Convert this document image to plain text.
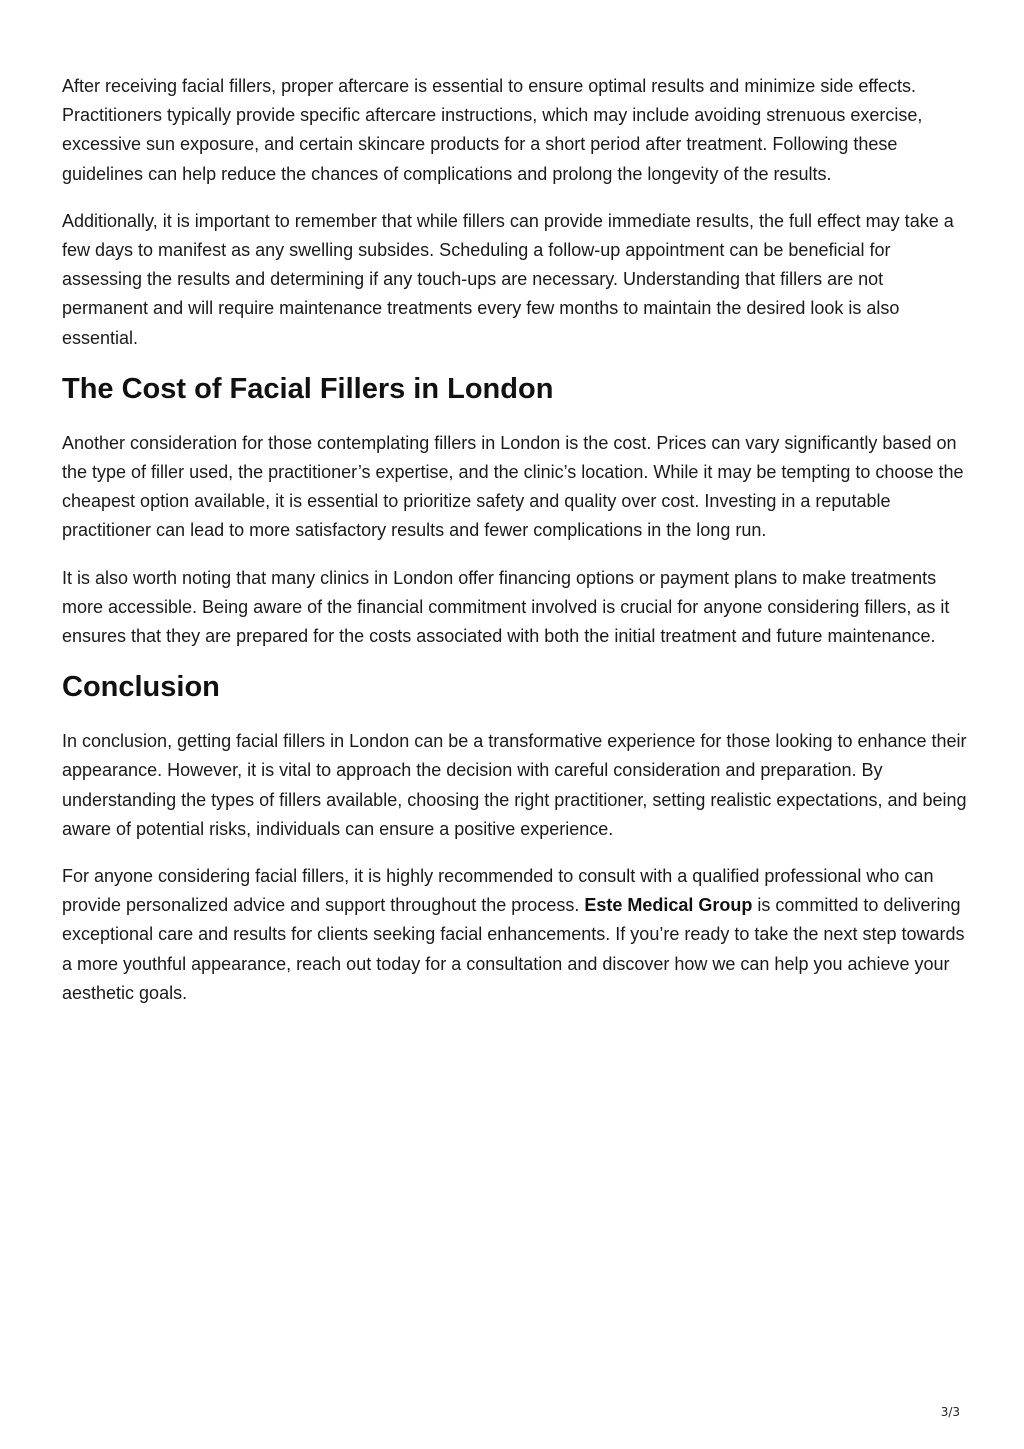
After receiving facial fillers, proper aftercare is essential to ensure optimal results and minimize side effects. Practitioners typically provide specific aftercare instructions, which may include avoiding strenuous exercise, excessive sun exposure, and certain skincare products for a short period after treatment. Following these guidelines can help reduce the chances of complications and prolong the longevity of the results.

Additionally, it is important to remember that while fillers can provide immediate results, the full effect may take a few days to manifest as any swelling subsides. Scheduling a follow-up appointment can be beneficial for assessing the results and determining if any touch-ups are necessary. Understanding that fillers are not permanent and will require maintenance treatments every few months to maintain the desired look is also essential.

The Cost of Facial Fillers in London

Another consideration for those contemplating fillers in London is the cost. Prices can vary significantly based on the type of filler used, the practitioner’s expertise, and the clinic’s location. While it may be tempting to choose the cheapest option available, it is essential to prioritize safety and quality over cost. Investing in a reputable practitioner can lead to more satisfactory results and fewer complications in the long run.

It is also worth noting that many clinics in London offer financing options or payment plans to make treatments more accessible. Being aware of the financial commitment involved is crucial for anyone considering fillers, as it ensures that they are prepared for the costs associated with both the initial treatment and future maintenance.

Conclusion

In conclusion, getting facial fillers in London can be a transformative experience for those looking to enhance their appearance. However, it is vital to approach the decision with careful consideration and preparation. By understanding the types of fillers available, choosing the right practitioner, setting realistic expectations, and being aware of potential risks, individuals can ensure a positive experience.

For anyone considering facial fillers, it is highly recommended to consult with a qualified professional who can provide personalized advice and support throughout the process. Este Medical Group is committed to delivering exceptional care and results for clients seeking facial enhancements. If you’re ready to take the next step towards a more youthful appearance, reach out today for a consultation and discover how we can help you achieve your aesthetic goals.

3/3
